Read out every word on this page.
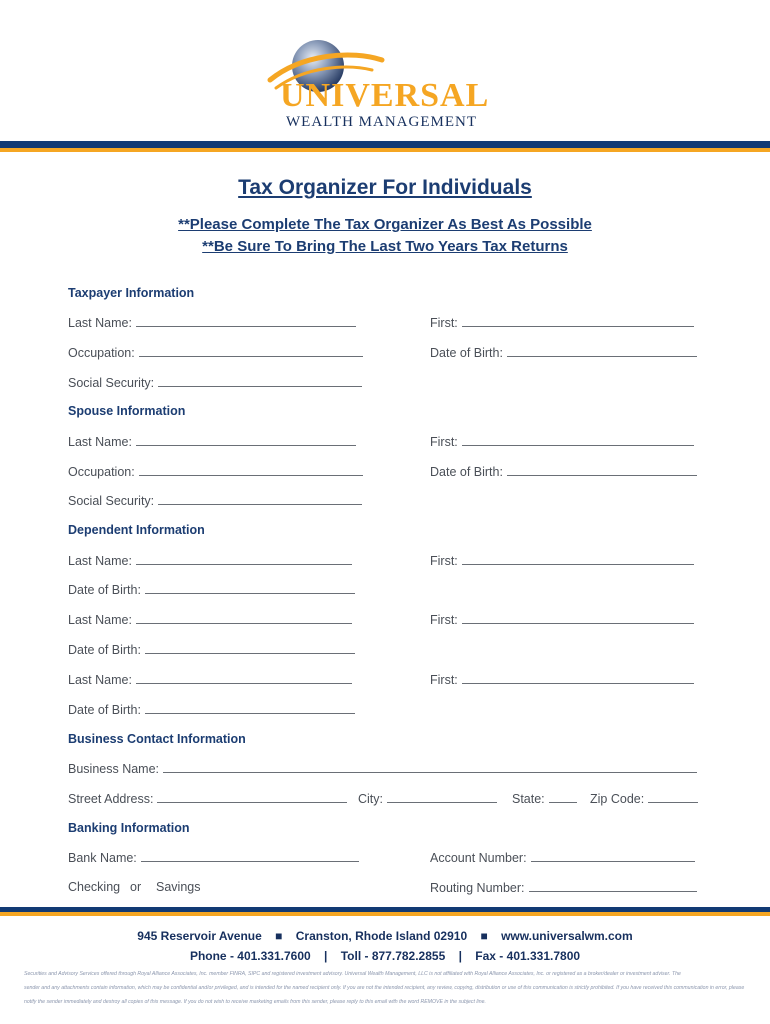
UNIVERSAL
WEALTH MANAGEMENT
Tax Organizer For Individuals
**Please Complete The Tax Organizer As Best As Possible
**Be Sure To Bring The Last Two Years Tax Returns
Taxpayer Information
Last Name:	First:
Occupation:	Date of Birth:
Social Security:
Spouse Information
Last Name:	First:
Occupation:	Date of Birth:
Social Security:
Dependent Information
Last Name:	First:
Date of Birth:
Last Name:	First:
Date of Birth:
Last Name:	First:
Date of Birth:
Business Contact Information
Business Name:
Street Address:	City:	State:	Zip Code:
Banking Information
Bank Name:	Account Number:
Checking or Savings	Routing Number:
945 Reservoir Avenue ■ Cranston, Rhode Island 02910 ■ www.universalwm.com
Phone - 401.331.7600 | Toll - 877.782.2855 | Fax - 401.331.7800
Securities and Advisory Services offered through Royal Alliance Associates, Inc. member FINRA, SIPC and registered investment advisory. Universal Wealth Management, LLC is not affiliated with Royal Alliance Associates, Inc. or registered as a broker/dealer or investment adviser. The
sender and any attachments contain information, which may be confidential and/or privileged, and is intended for the named recipient only. If you are not the intended recipient, any review, copying, distribution or use of this communication is strictly prohibited. If you have received this communication in error, please
notify the sender immediately and destroy all copies of this message. If you do not wish to receive marketing emails from this sender, please reply to this email with the word REMOVE in the subject line.
